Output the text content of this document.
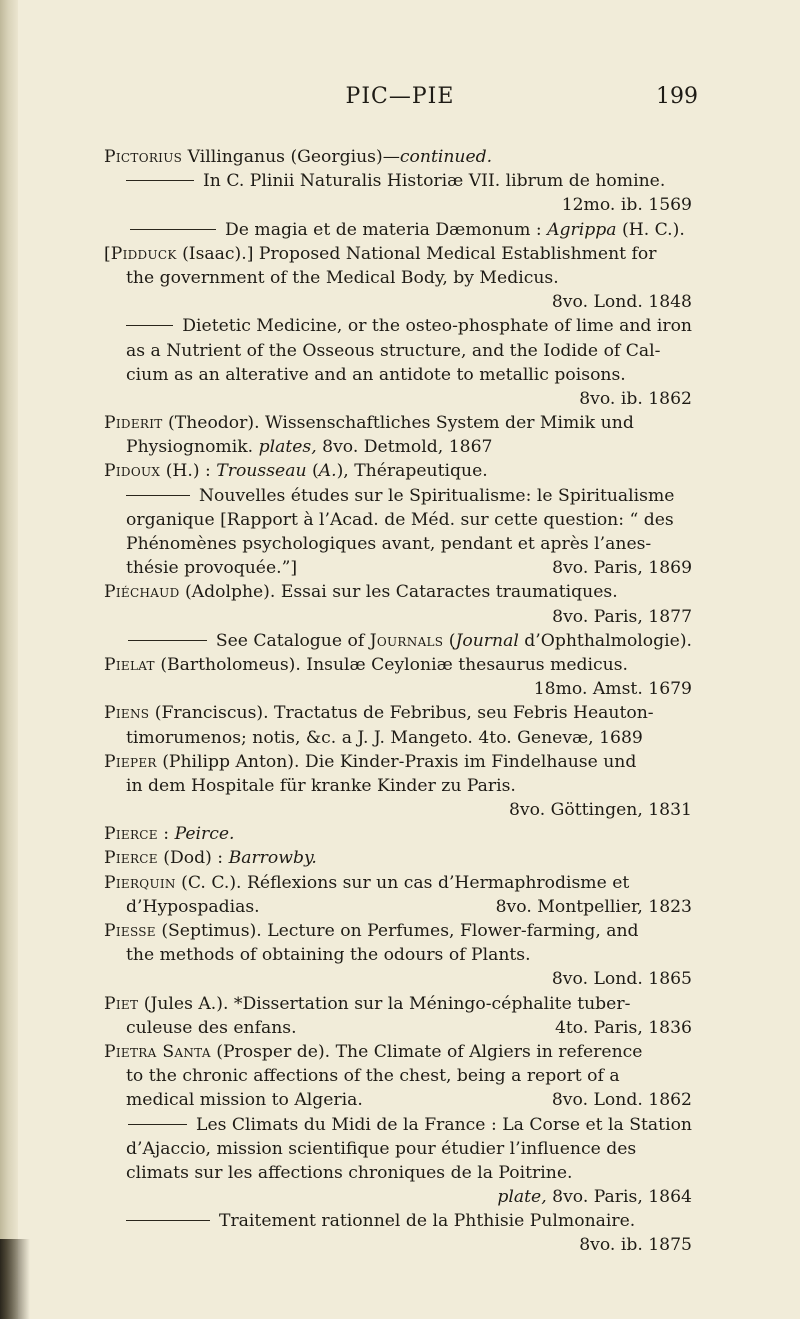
PIC—PIE	199
Pictorius Villinganus (Georgius)— continued.
In C. Plinii Naturalis Historiæ VII. librum de homine.
12mo. ib. 1569
De magia et de materia Dæmonum : Agrippa (H. C.).
[ Pidduck (Isaac).] Proposed National Medical Establishment for
the government of the Medical Body, by Medicus.
8vo. Lond. 1848
Dietetic Medicine, or the osteo-phosphate of lime and iron
as a Nutrient of the Osseous structure, and the Iodide of Cal-
cium as an alterative and an antidote to metallic poisons.
8vo. ib. 1862
Piderit (Theodor). Wissenschaftliches System der Mimik und
Physiognomik. plates, 8vo. Detmold, 1867
Pidoux (H.) : Trousseau ( A. ), Thérapeutique.
Nouvelles études sur le Spiritualisme: le Spiritualisme
organique [Rapport à l’Acad. de Méd. sur cette question: “ des
Phénomènes psychologiques avant, pendant et après l’anes-
thésie provoquée.”]	8vo. Paris, 1869
Piéchaud (Adolphe). Essai sur les Cataractes traumatiques.
8vo. Paris, 1877
See Catalogue of Journals ( Journal d’Ophthalmologie).
Pielat (Bartholomeus). Insulæ Ceyloniæ thesaurus medicus.
18mo. Amst. 1679
Piens (Franciscus). Tractatus de Febribus, seu Febris Heauton-
timorumenos; notis, &c. a J. J. Mangeto. 4to. Genevæ, 1689
Pieper (Philipp Anton). Die Kinder-Praxis im Findelhause und
in dem Hospitale für kranke Kinder zu Paris.
8vo. Göttingen, 1831
Pierce : Peirce.
Pierce (Dod) : Barrowby.
Pierquin (C. C.). Réflexions sur un cas d’Hermaphrodisme et
d’Hypospadias.	8vo. Montpellier, 1823
Piesse (Septimus). Lecture on Perfumes, Flower-farming, and
the methods of obtaining the odours of Plants.
8vo. Lond. 1865
Piet (Jules A.). *Dissertation sur la Méningo-céphalite tuber-
culeuse des enfans.	4to. Paris, 1836
Pietra Santa (Prosper de). The Climate of Algiers in reference
to the chronic affections of the chest, being a report of a
medical mission to Algeria.	8vo. Lond. 1862
Les Climats du Midi de la France : La Corse et la Station
d’Ajaccio, mission scientifique pour étudier l’influence des
climats sur les affections chroniques de la Poitrine.
plate, 8vo. Paris, 1864
Traitement rationnel de la Phthisie Pulmonaire.
8vo. ib. 1875
